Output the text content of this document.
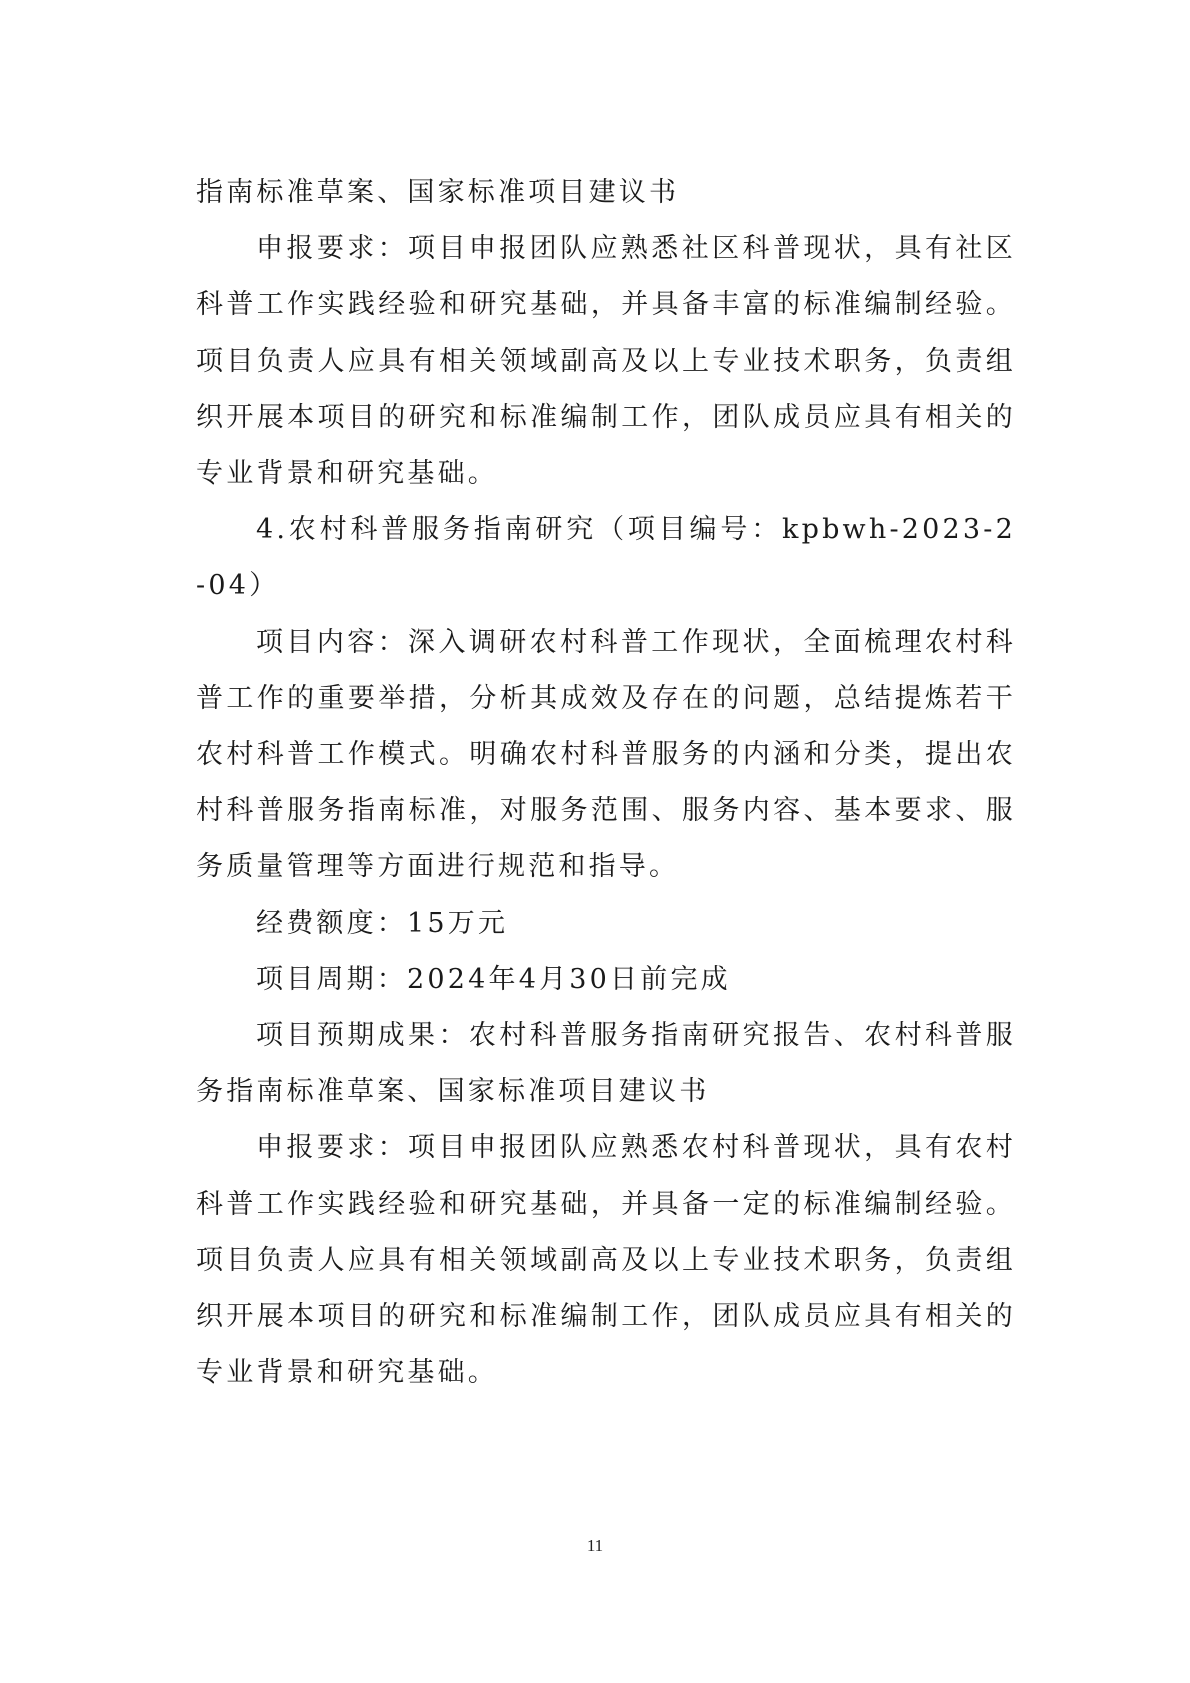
指南标准草案、国家标准项目建议书

申报要求：项目申报团队应熟悉社区科普现状，具有社区科普工作实践经验和研究基础，并具备丰富的标准编制经验。项目负责人应具有相关领域副高及以上专业技术职务，负责组织开展本项目的研究和标准编制工作，团队成员应具有相关的专业背景和研究基础。

4.农村科普服务指南研究（项目编号：kpbwh-2023-2-04）

项目内容：深入调研农村科普工作现状，全面梳理农村科普工作的重要举措，分析其成效及存在的问题，总结提炼若干农村科普工作模式。明确农村科普服务的内涵和分类，提出农村科普服务指南标准，对服务范围、服务内容、基本要求、服务质量管理等方面进行规范和指导。

经费额度：15万元

项目周期：2024年4月30日前完成

项目预期成果：农村科普服务指南研究报告、农村科普服务指南标准草案、国家标准项目建议书

申报要求：项目申报团队应熟悉农村科普现状，具有农村科普工作实践经验和研究基础，并具备一定的标准编制经验。项目负责人应具有相关领域副高及以上专业技术职务，负责组织开展本项目的研究和标准编制工作，团队成员应具有相关的专业背景和研究基础。

11
